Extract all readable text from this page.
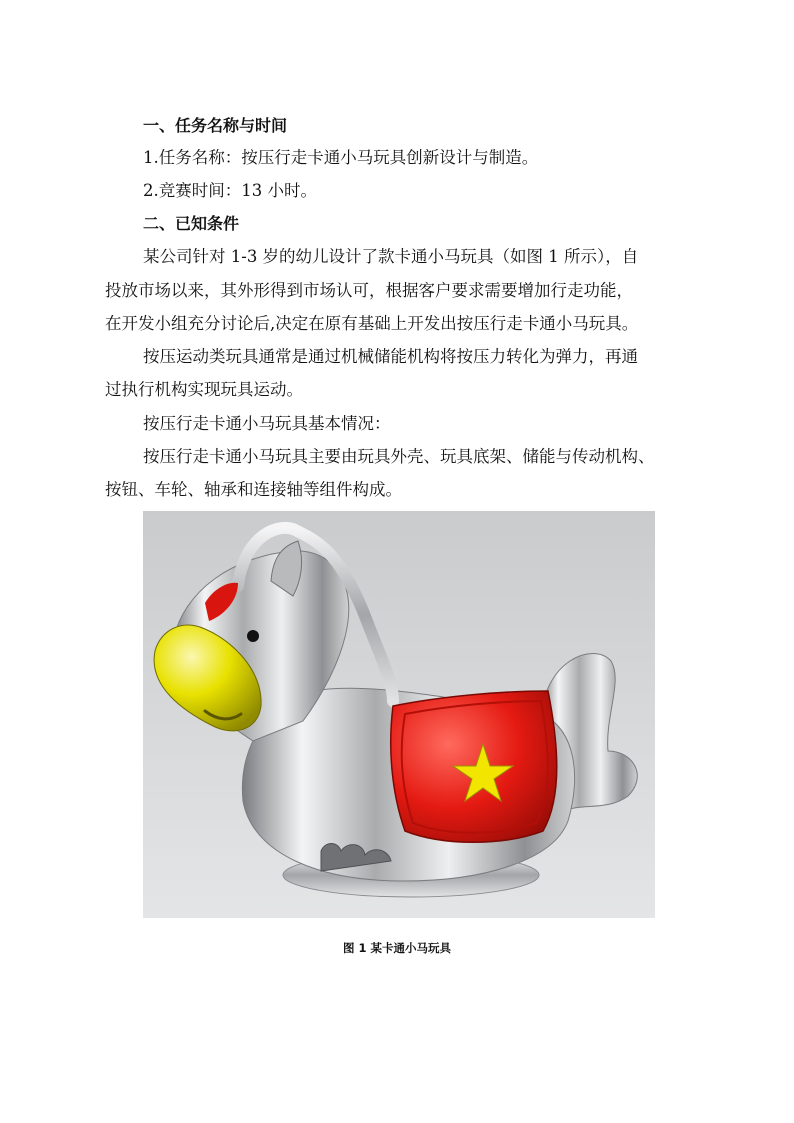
一、任务名称与时间
1.任务名称：按压行走卡通小马玩具创新设计与制造。
2.竞赛时间：13 小时。
二、已知条件
某公司针对 1-3 岁的幼儿设计了款卡通小马玩具（如图 1 所示），自
投放市场以来，其外形得到市场认可，根据客户要求需要增加行走功能，
在开发小组充分讨论后,决定在原有基础上开发出按压行走卡通小马玩具。
按压运动类玩具通常是通过机械储能机构将按压力转化为弹力，再通
过执行机构实现玩具运动。
按压行走卡通小马玩具基本情况：
按压行走卡通小马玩具主要由玩具外壳、玩具底架、储能与传动机构、
按钮、车轮、轴承和连接轴等组件构成。
图 1 某卡通小马玩具
